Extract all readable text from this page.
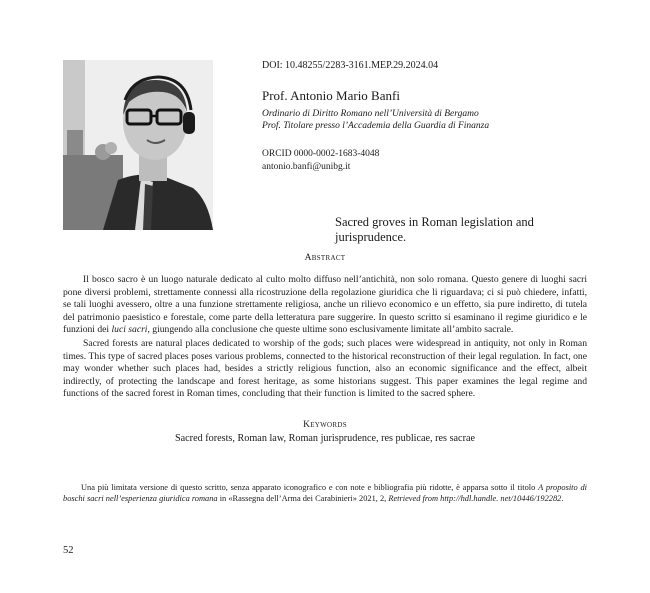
DOI: 10.48255/2283-3161.MEP.29.2024.04

Prof. Antonio Mario Banfi

Ordinario di Diritto Romano nell’Università di Bergamo

Prof. Titolare presso l’Accademia della Guardia di Finanza

ORCID 0000-0002-1683-4048

antonio.banfi@unibg.it

Sacred groves in Roman legislation and jurisprudence.
Abstract

Il bosco sacro è un luogo naturale dedicato al culto molto diffuso nell’antichità, non solo romana. Questo genere di luoghi sacri pone diversi problemi, strettamente connessi alla ricostruzione della regolazione giuridica che li riguardava; ci si può chiedere, infatti, se tali luoghi avessero, oltre a una funzione strettamente religiosa, anche un rilievo economico e un effetto, sia pure indiretto, di tutela del patrimonio paesistico e forestale, come parte della letteratura pare suggerire. In questo scritto si esaminano il regime giuridico e le funzioni dei luci sacri, giungendo alla conclusione che queste ultime sono esclusivamente limitate all’ambito sacrale.

Sacred forests are natural places dedicated to worship of the gods; such places were widespread in antiquity, not only in Roman times. This type of sacred places poses various problems, connected to the historical reconstruction of their legal regulation. In fact, one may wonder whether such places had, besides a strictly religious function, also an economic significance and the effect, albeit indirectly, of protecting the landscape and forest heritage, as some historians suggest. This paper examines the legal regime and functions of the sacred forest in Roman times, concluding that their function is limited to the sacred sphere.

Keywords
Sacred forests, Roman law, Roman jurisprudence, res publicae, res sacrae

Una più limitata versione di questo scritto, senza apparato iconografico e con note e bibliografia più ridotte, è apparsa sotto il titolo A proposito di boschi sacri nell’esperienza giuridica romana in «Rassegna dell’Arma dei Carabinieri» 2021, 2, Retrieved from http://hdl.handle. net/10446/192282.

52
